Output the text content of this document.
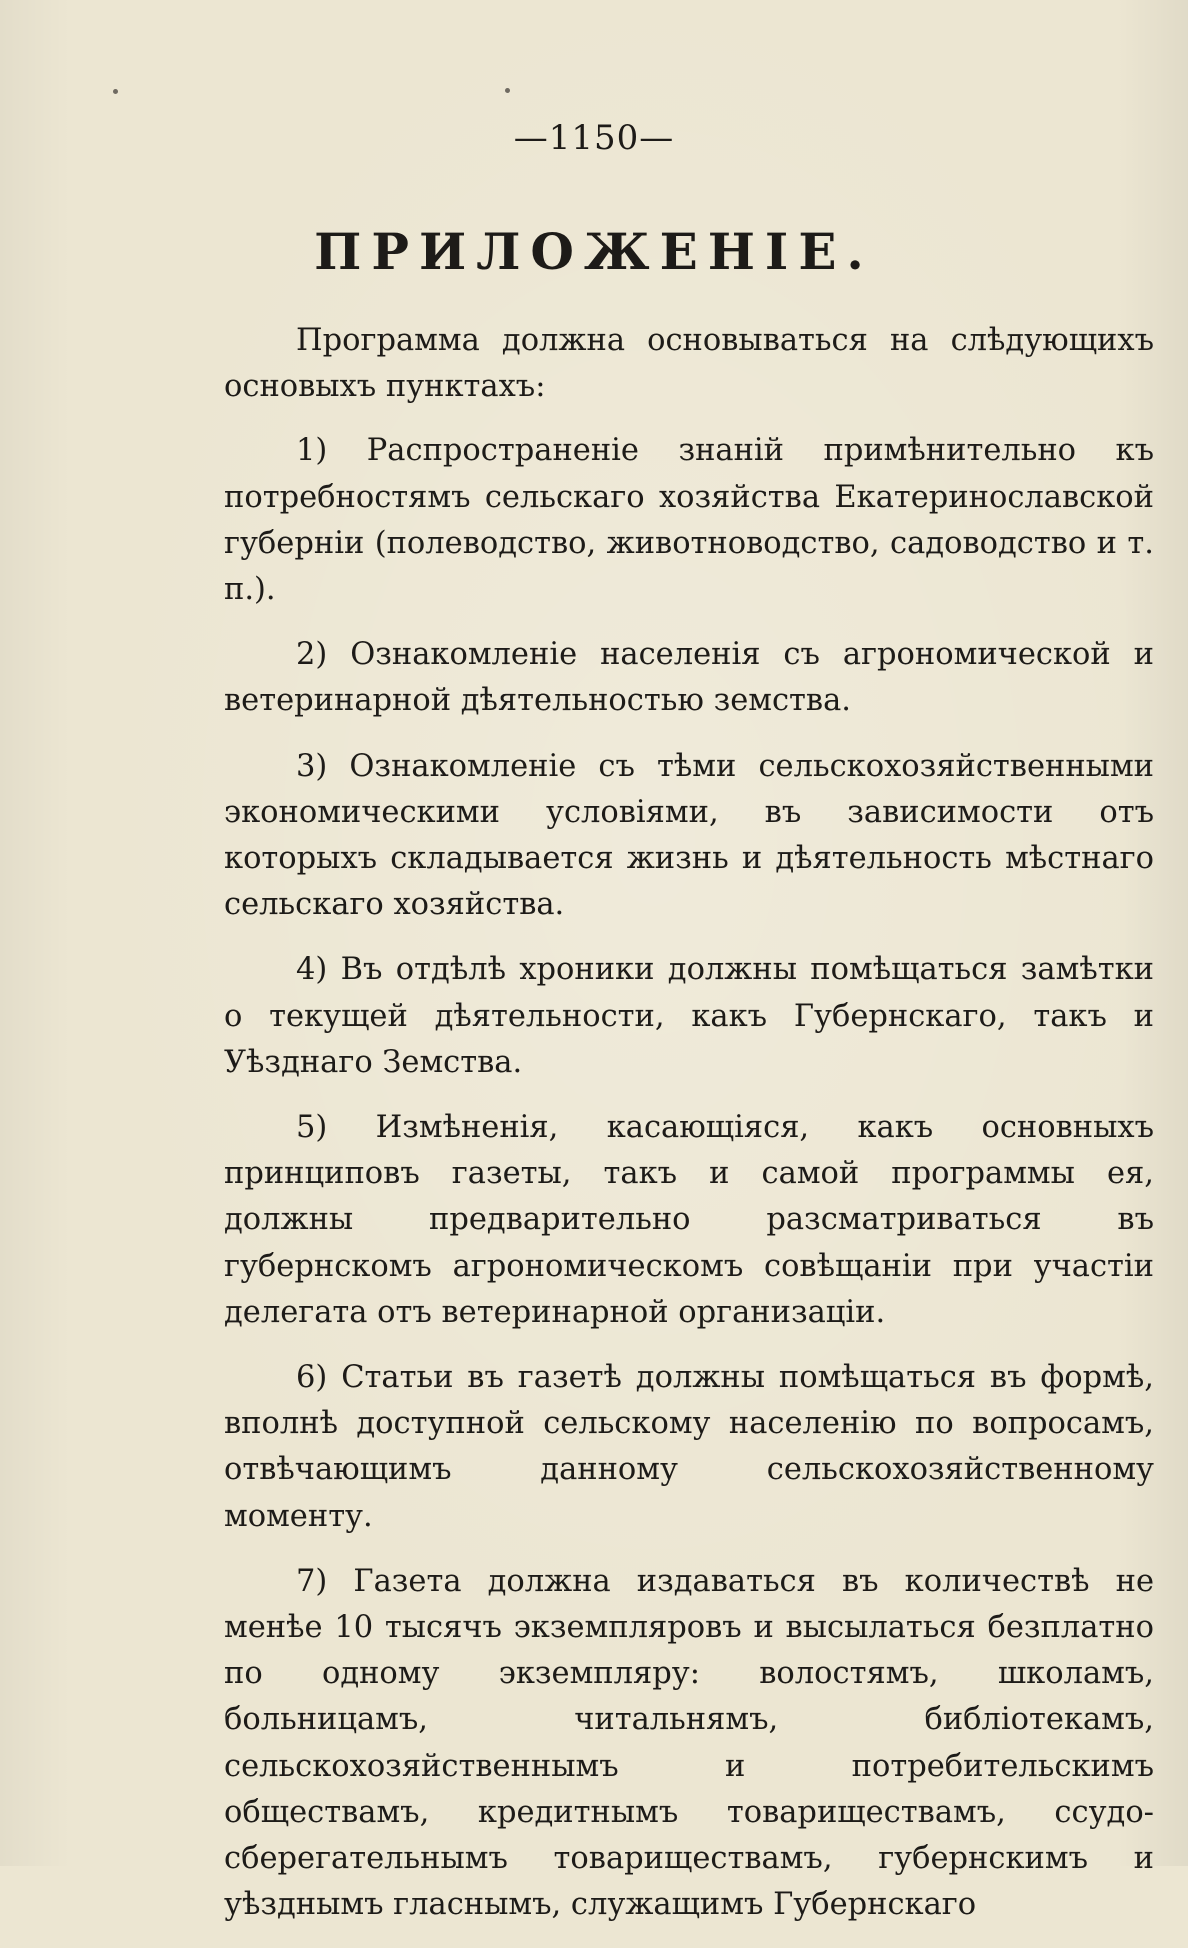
—1150—
ПРИЛОЖЕНІЕ.

Программа должна основываться на слѣдующихъ основыхъ пунктахъ:

1) Распространеніе знаній примѣнительно къ потребностямъ сельскаго хозяйства Екатеринославской губерніи (полеводство, животноводство, садоводство и т. п.).

2) Ознакомленіе населенія съ агрономической и ветеринарной дѣятельностью земства.

3) Ознакомленіе съ тѣми сельскохозяйственными экономическими условіями, въ зависимости отъ которыхъ складывается жизнь и дѣятельность мѣстнаго сельскаго хозяйства.

4) Въ отдѣлѣ хроники должны помѣщаться замѣтки о текущей дѣятельности, какъ Губернскаго, такъ и Уѣзднаго Земства.

5) Измѣненія, касающіяся, какъ основныхъ принциповъ газеты, такъ и самой программы ея, должны предварительно разсматриваться въ губернскомъ агрономическомъ совѣщаніи при участіи делегата отъ ветеринарной организаціи.

6) Статьи въ газетѣ должны помѣщаться въ формѣ, вполнѣ доступной сельскому населенію по вопросамъ, отвѣчающимъ данному сельскохозяйственному моменту.

7) Газета должна издаваться въ количествѣ не менѣе 10 тысячъ экземпляровъ и высылаться безплатно по одному экземпляру: волостямъ, школамъ, больницамъ, читальнямъ, библіотекамъ, сельскохозяйственнымъ и потребительскимъ обществамъ, кредитнымъ товариществамъ, ссудо-сберегательнымъ товариществамъ, губернскимъ и уѣзднымъ гласнымъ, служащимъ Губернскаго
